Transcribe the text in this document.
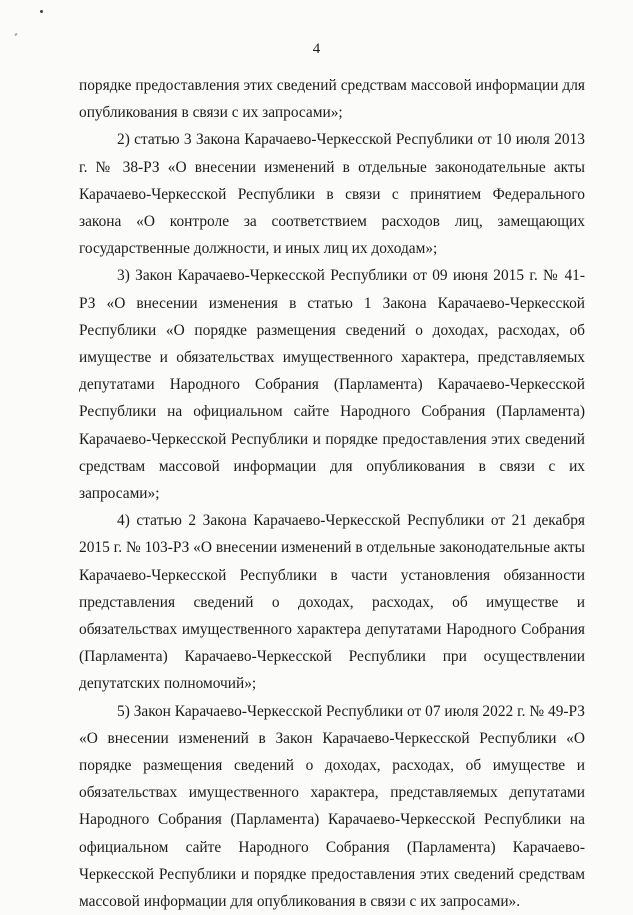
ﾞ
4

порядке предоставления этих сведений средствам массовой информации для опубликования в связи с их запросами»;

2) статью 3 Закона Карачаево-Черкесской Республики от 10 июля 2013 г. № 38-РЗ «О внесении изменений в отдельные законодательные акты Карачаево-Черкесской Республики в связи с принятием Федерального закона «О контроле за соответствием расходов лиц, замещающих государственные должности, и иных лиц их доходам»;

3) Закон Карачаево-Черкесской Республики от 09 июня 2015 г. № 41-РЗ «О внесении изменения в статью 1 Закона Карачаево-Черкесской Республики «О порядке размещения сведений о доходах, расходах, об имуществе и обязательствах имущественного характера, представляемых депутатами Народного Собрания (Парламента) Карачаево-Черкесской Республики на официальном сайте Народного Собрания (Парламента) Карачаево-Черкесской Республики и порядке предоставления этих сведений средствам массовой информации для опубликования в связи с их запросами»;

4) статью 2 Закона Карачаево-Черкесской Республики от 21 декабря 2015 г. № 103-РЗ «О внесении изменений в отдельные законодательные акты Карачаево-Черкесской Республики в части установления обязанности представления сведений о доходах, расходах, об имуществе и обязательствах имущественного характера депутатами Народного Собрания (Парламента) Карачаево-Черкесской Республики при осуществлении депутатских полномочий»;

5) Закон Карачаево-Черкесской Республики от 07 июля 2022 г. № 49-РЗ «О внесении изменений в Закон Карачаево-Черкесской Республики «О порядке размещения сведений о доходах, расходах, об имуществе и обязательствах имущественного характера, представляемых депутатами Народного Собрания (Парламента) Карачаево-Черкесской Республики на официальном сайте Народного Собрания (Парламента) Карачаево-Черкесской Республики и порядке предоставления этих сведений средствам массовой информации для опубликования в связи с их запросами».
